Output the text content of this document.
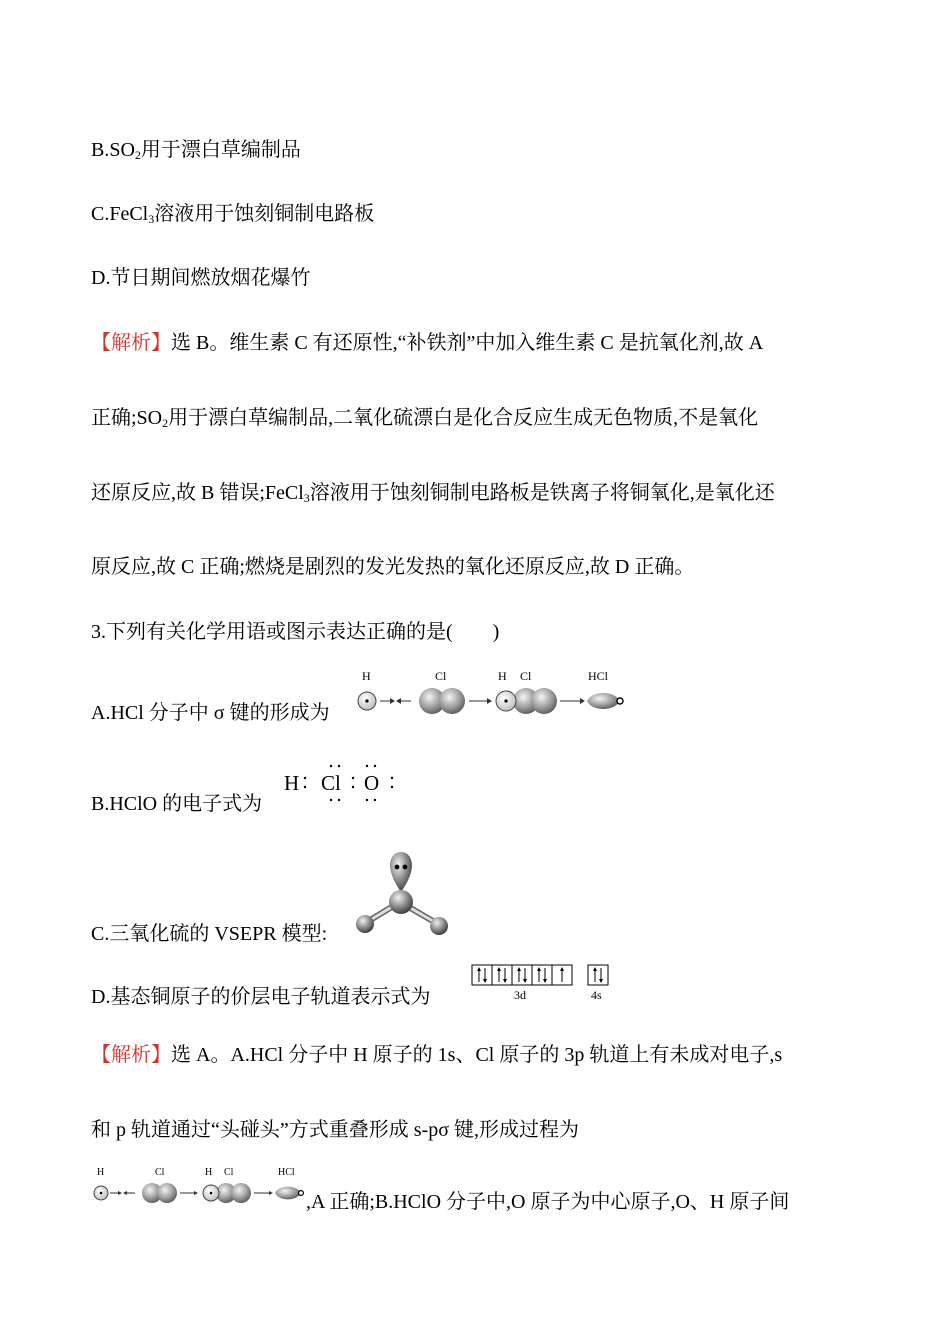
$B.SO_2$用于漂白草编制品
C.FeCl$_3$溶液用于蚀刻铜制电路板
D.节日期间燃放烟花爆竹
【解析】选 B。维生素 C 有还原性,“补铁剂”中加入维生素 C 是抗氧化剂,故 A
正确$;SO_2$用于漂白草编制品,二氧化硫漂白是化合反应生成无色物质,不是氧化
还原反应,故 B 错误;FeCl$_3$溶液用于蚀刻铜制电路板是铁离子将铜氧化,是氧化还
原反应,故 C 正确;燃烧是剧烈的发光发热的氧化还原反应,故 D 正确。
3.下列有关化学用语或图示表达正确的是(　　)
A.HCl 分子中 σ 键的形成为
H	Cl	H Cl	HCl
B.HClO 的电子式为
H Cl O
C.三氧化硫的 VSEPR 模型:
D.基态铜原子的价层电子轨道表示式为	3d	4s
【解析】选 A。A.HCl 分子中 H 原子的 1s、Cl 原子的 3p 轨道上有未成对电子,s
和 p 轨道通过“头碰头”方式重叠形成 s-pσ 键,形成过程为
H	Cl	H Cl	HCl
,A 正确;B.HClO 分子中,O 原子为中心原子,O、H 原子间
